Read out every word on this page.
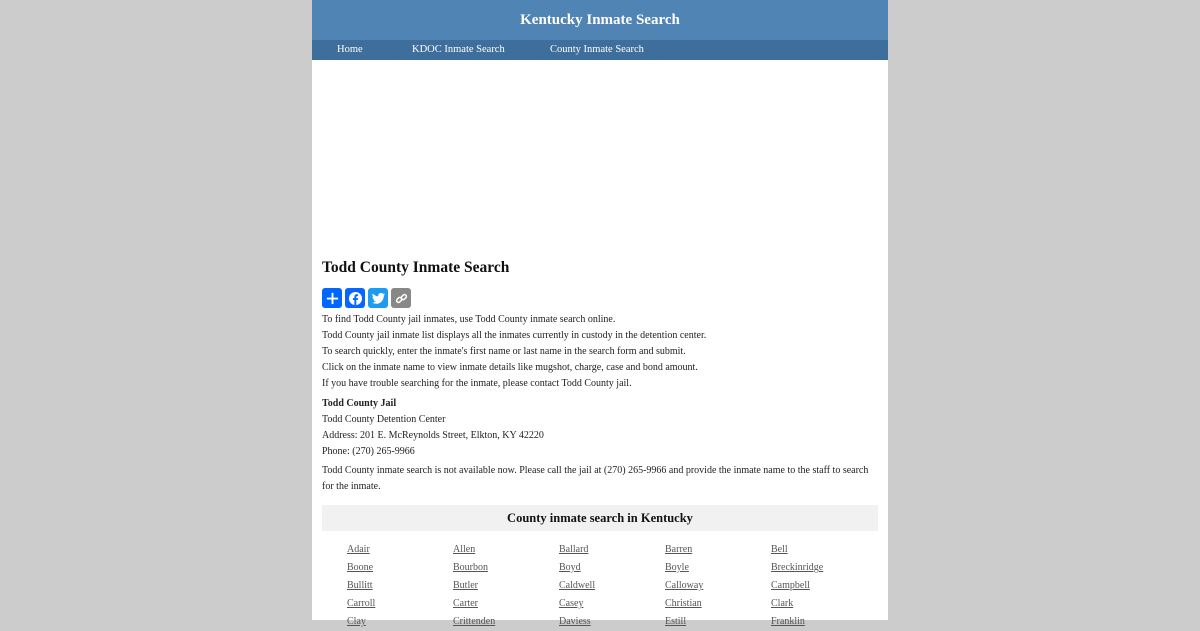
Kentucky Inmate Search
Home	KDOC Inmate Search	County Inmate Search
Todd County Inmate Search
To find Todd County jail inmates, use Todd County inmate search online.
Todd County jail inmate list displays all the inmates currently in custody in the detention center.
To search quickly, enter the inmate's first name or last name in the search form and submit.
Click on the inmate name to view inmate details like mugshot, charge, case and bond amount.
If you have trouble searching for the inmate, please contact Todd County jail.
Todd County Jail
Todd County Detention Center
Address: 201 E. McReynolds Street, Elkton, KY 42220
Phone: (270) 265-9966

Todd County inmate search is not available now. Please call the jail at (270) 265-9966 and provide the inmate name to the staff to search for the inmate.

County inmate search in Kentucky
Adair	Allen	Ballard	Barren	Bell
Boone	Bourbon	Boyd	Boyle	Breckinridge
Bullitt	Butler	Caldwell	Calloway	Campbell
Carroll	Carter	Casey	Christian	Clark
Clay	Crittenden	Daviess	Estill	Franklin
